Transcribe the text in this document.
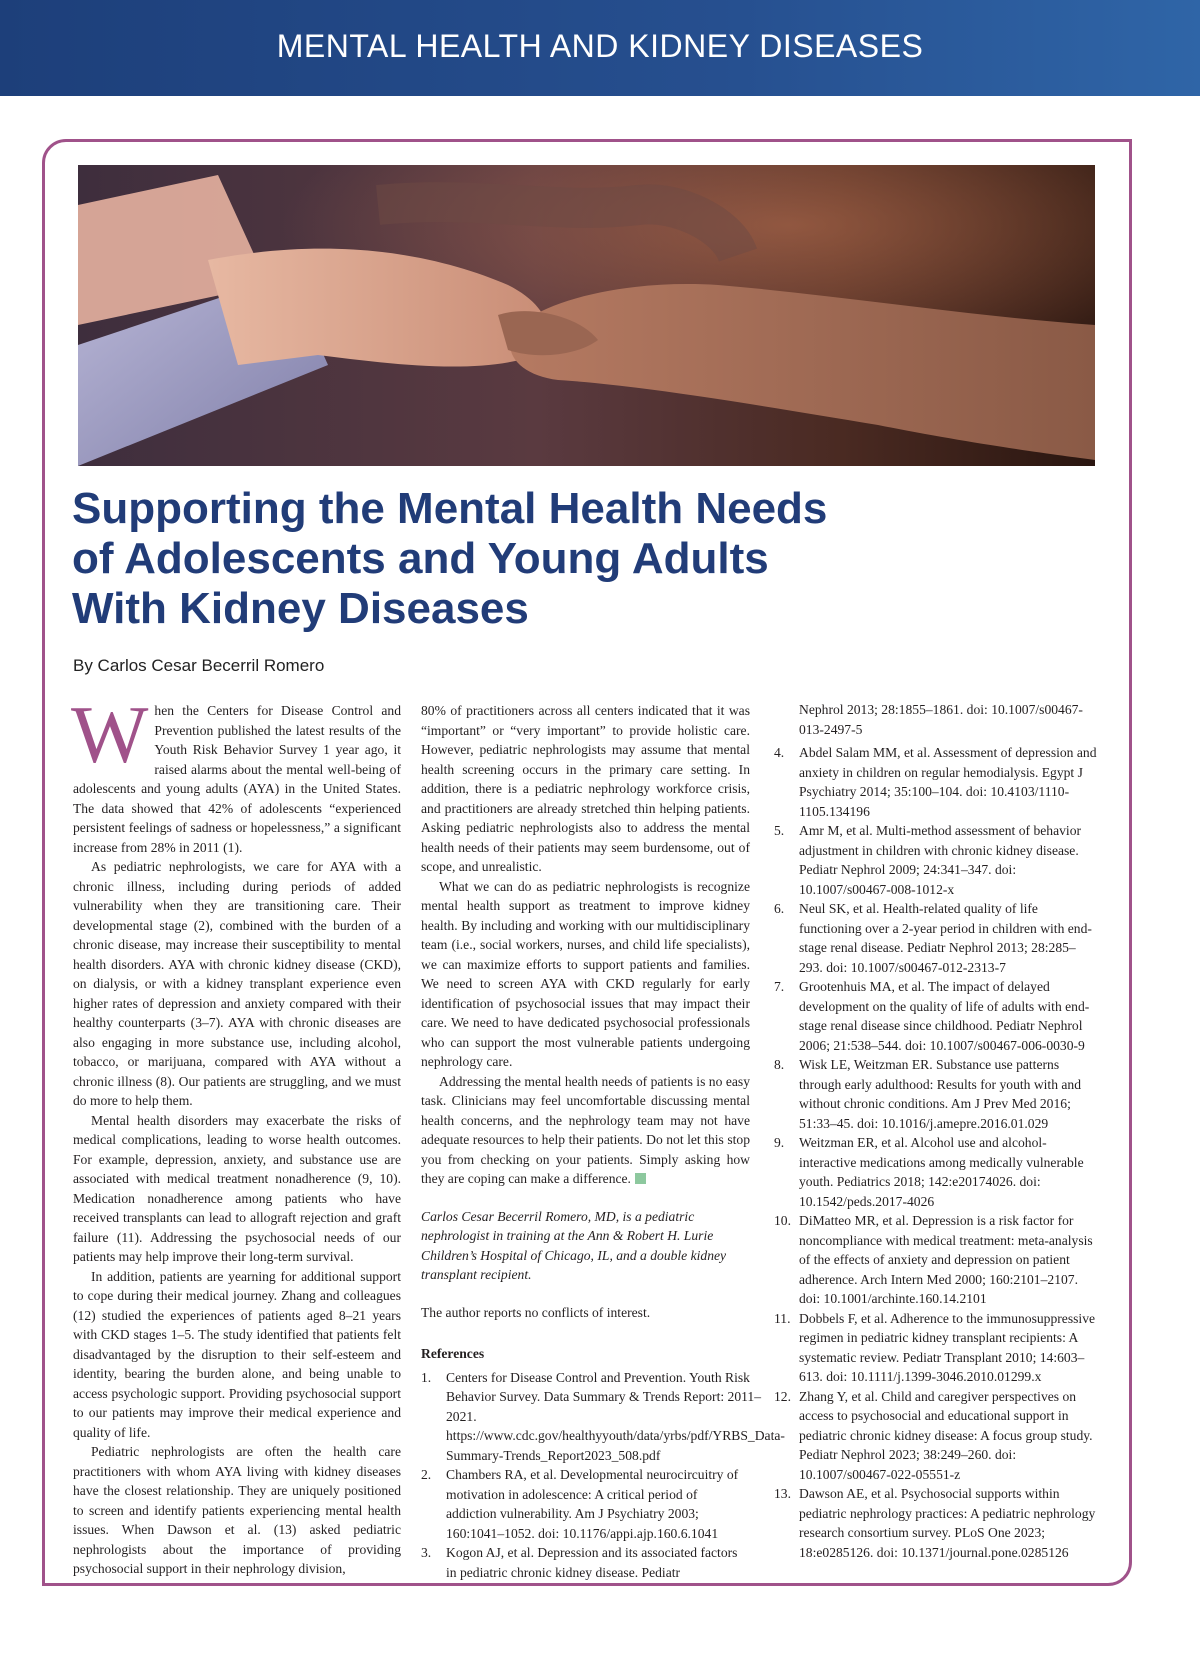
MENTAL HEALTH AND KIDNEY DISEASES
Supporting the Mental Health Needs
of Adolescents and Young Adults
With Kidney Diseases

By Carlos Cesar Becerril Romero

When the Centers for Disease Control and Prevention published the latest results of the Youth Risk Behavior Survey 1 year ago, it raised alarms about the mental well-being of adolescents and young adults (AYA) in the United States. The data showed that 42% of adolescents “experienced persistent feelings of sadness or hopelessness,” a significant increase from 28% in 2011 (1).

As pediatric nephrologists, we care for AYA with a chronic illness, including during periods of added vulnerability when they are transitioning care. Their developmental stage (2), combined with the burden of a chronic disease, may increase their susceptibility to mental health disorders. AYA with chronic kidney disease (CKD), on dialysis, or with a kidney transplant experience even higher rates of depression and anxiety compared with their healthy counterparts (3–7). AYA with chronic diseases are also engaging in more substance use, including alcohol, tobacco, or marijuana, compared with AYA without a chronic illness (8). Our patients are struggling, and we must do more to help them.

Mental health disorders may exacerbate the risks of medical complications, leading to worse health outcomes. For example, depression, anxiety, and substance use are associated with medical treatment nonadherence (9, 10). Medication nonadherence among patients who have received transplants can lead to allograft rejection and graft failure (11). Addressing the psychosocial needs of our patients may help improve their long-term survival.

In addition, patients are yearning for additional support to cope during their medical journey. Zhang and colleagues (12) studied the experiences of patients aged 8–21 years with CKD stages 1–5. The study identified that patients felt disadvantaged by the disruption to their self-esteem and identity, bearing the burden alone, and being unable to access psychologic support. Providing psychosocial support to our patients may improve their medical experience and quality of life.

Pediatric nephrologists are often the health care practitioners with whom AYA living with kidney diseases have the closest relationship. They are uniquely positioned to screen and identify patients experiencing mental health issues. When Dawson et al. (13) asked pediatric nephrologists about the importance of providing psychosocial support in their nephrology division,

80% of practitioners across all centers indicated that it was “important” or “very important” to provide holistic care. However, pediatric nephrologists may assume that mental health screening occurs in the primary care setting. In addition, there is a pediatric nephrology workforce crisis, and practitioners are already stretched thin helping patients. Asking pediatric nephrologists also to address the mental health needs of their patients may seem burdensome, out of scope, and unrealistic.

What we can do as pediatric nephrologists is recognize mental health support as treatment to improve kidney health. By including and working with our multidisciplinary team (i.e., social workers, nurses, and child life specialists), we can maximize efforts to support patients and families. We need to screen AYA with CKD regularly for early identification of psychosocial issues that may impact their care. We need to have dedicated psychosocial professionals who can support the most vulnerable patients undergoing nephrology care.

Addressing the mental health needs of patients is no easy task. Clinicians may feel uncomfortable discussing mental health concerns, and the nephrology team may not have adequate resources to help their patients. Do not let this stop you from checking on your patients. Simply asking how they are coping can make a difference.

Carlos Cesar Becerril Romero, MD, is a pediatric nephrologist in training at the Ann & Robert H. Lurie Children’s Hospital of Chicago, IL, and a double kidney transplant recipient.

The author reports no conflicts of interest.

References

1.	Centers for Disease Control and Prevention. Youth Risk Behavior Survey. Data Summary & Trends Report: 2011–2021. https://www.cdc.gov/healthyyouth/data/yrbs/pdf/YRBS_Data-Summary-Trends_Report2023_508.pdf
2.	Chambers RA, et al. Developmental neurocircuitry of motivation in adolescence: A critical period of addiction vulnerability. Am J Psychiatry 2003; 160:1041–1052. doi: 10.1176/appi.ajp.160.6.1041
3.	Kogon AJ, et al. Depression and its associated factors in pediatric chronic kidney disease. Pediatr

Nephrol 2013; 28:1855–1861. doi: 10.1007/s00467-013-2497-5

4.	Abdel Salam MM, et al. Assessment of depression and anxiety in children on regular hemodialysis. Egypt J Psychiatry 2014; 35:100–104. doi: 10.4103/1110-1105.134196
5.	Amr M, et al. Multi-method assessment of behavior adjustment in children with chronic kidney disease. Pediatr Nephrol 2009; 24:341–347. doi: 10.1007/s00467-008-1012-x
6.	Neul SK, et al. Health-related quality of life functioning over a 2-year period in children with end-stage renal disease. Pediatr Nephrol 2013; 28:285–293. doi: 10.1007/s00467-012-2313-7
7.	Grootenhuis MA, et al. The impact of delayed development on the quality of life of adults with end-stage renal disease since childhood. Pediatr Nephrol 2006; 21:538–544. doi: 10.1007/s00467-006-0030-9
8.	Wisk LE, Weitzman ER. Substance use patterns through early adulthood: Results for youth with and without chronic conditions. Am J Prev Med 2016; 51:33–45. doi: 10.1016/j.amepre.2016.01.029
9.	Weitzman ER, et al. Alcohol use and alcohol-interactive medications among medically vulnerable youth. Pediatrics 2018; 142:e20174026. doi: 10.1542/peds.2017-4026
10. DiMatteo MR, et al. Depression is a risk factor for noncompliance with medical treatment: meta-analysis of the effects of anxiety and depression on patient adherence. Arch Intern Med 2000; 160:2101–2107. doi: 10.1001/archinte.160.14.2101
11. Dobbels F, et al. Adherence to the immunosuppressive regimen in pediatric kidney transplant recipients: A systematic review. Pediatr Transplant 2010; 14:603–613. doi: 10.1111/j.1399-3046.2010.01299.x
12. Zhang Y, et al. Child and caregiver perspectives on access to psychosocial and educational support in pediatric chronic kidney disease: A focus group study. Pediatr Nephrol 2023; 38:249–260. doi: 10.1007/s00467-022-05551-z
13. Dawson AE, et al. Psychosocial supports within pediatric nephrology practices: A pediatric nephrology research consortium survey. PLoS One 2023; 18:e0285126. doi: 10.1371/journal.pone.0285126
